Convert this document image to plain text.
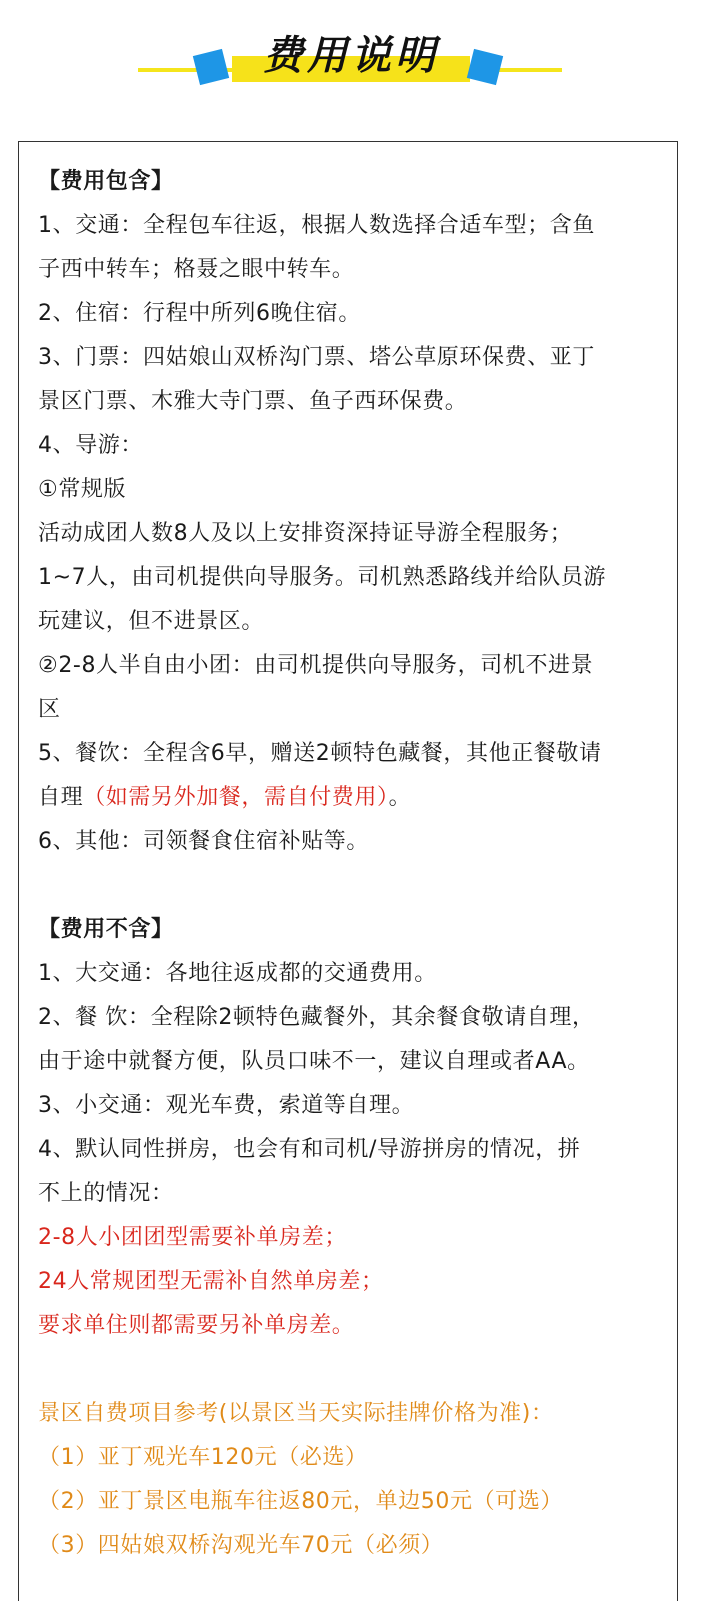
费用说明
【费用包含】
1、交通：全程包车往返，根据人数选择合适车型；含鱼
子西中转车；格聂之眼中转车。
2、住宿：行程中所列6晚住宿。
3、门票：四姑娘山双桥沟门票、塔公草原环保费、亚丁
景区门票、木雅大寺门票、鱼子西环保费。
4、导游：
①常规版
活动成团人数8人及以上安排资深持证导游全程服务；
1~7人，由司机提供向导服务。司机熟悉路线并给队员游
玩建议，但不进景区。
②2-8人半自由小团：由司机提供向导服务，司机不进景
区
5、餐饮：全程含6早，赠送2顿特色藏餐，其他正餐敬请
自理（如需另外加餐，需自付费用）。
6、其他：司领餐食住宿补贴等。
【费用不含】
1、大交通：各地往返成都的交通费用。
2、餐 饮：全程除2顿特色藏餐外，其余餐食敬请自理，
由于途中就餐方便，队员口味不一，建议自理或者AA。
3、小交通：观光车费，索道等自理。
4、默认同性拼房，也会有和司机/导游拼房的情况，拼
不上的情况：
2-8人小团团型需要补单房差；
24人常规团型无需补自然单房差；
要求单住则都需要另补单房差。
景区自费项目参考(以景区当天实际挂牌价格为准)：
（1）亚丁观光车120元（必选）
（2）亚丁景区电瓶车往返80元，单边50元（可选）
（3）四姑娘双桥沟观光车70元（必须）
